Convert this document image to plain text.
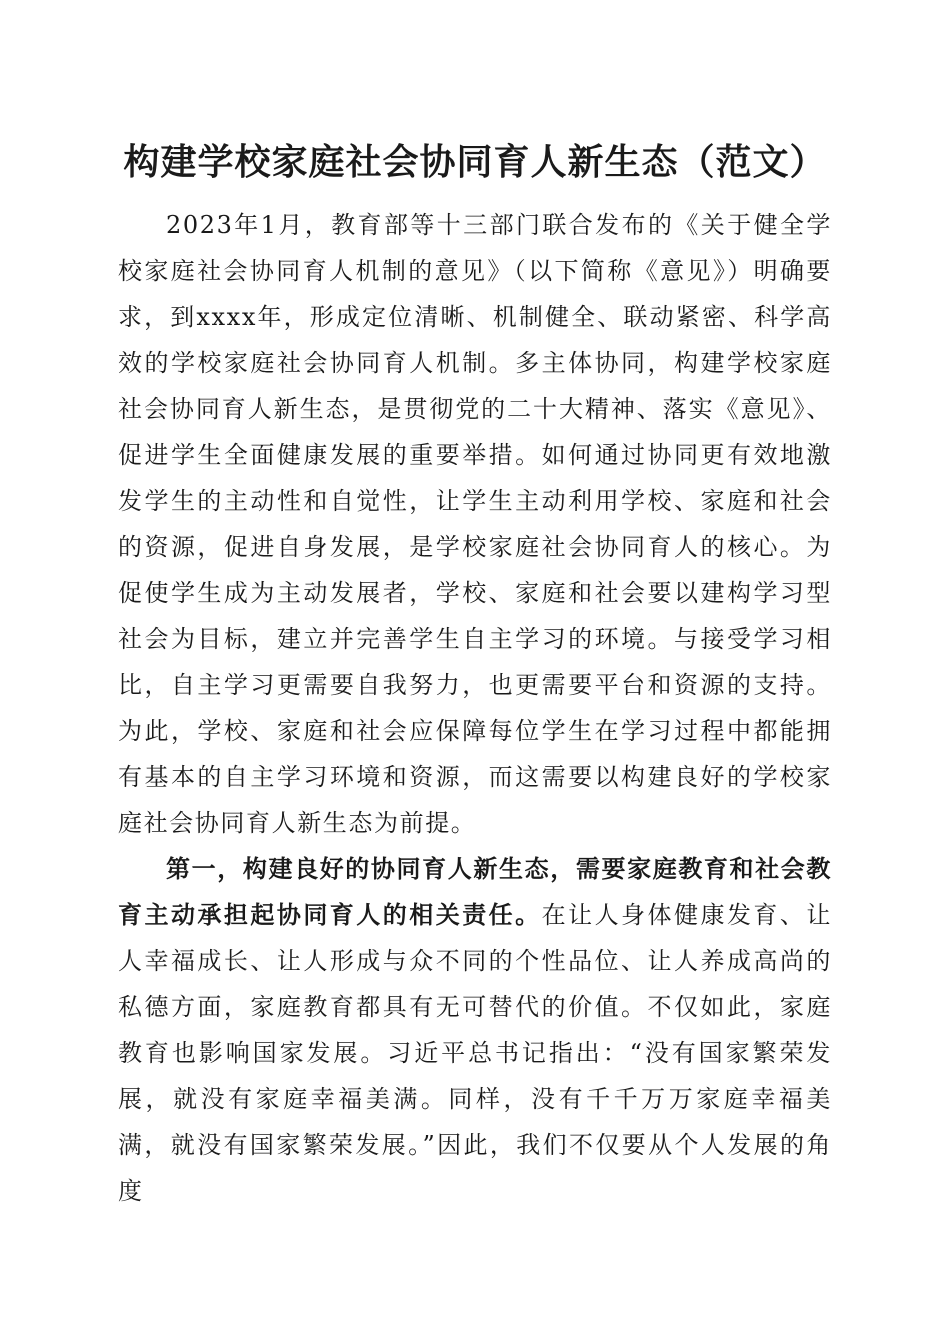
构建学校家庭社会协同育人新生态（范文）

2023年1月，教育部等十三部门联合发布的《关于健全学校家庭社会协同育人机制的意见》（以下简称《意见》）明确要求，到xxxx年，形成定位清晰、机制健全、联动紧密、科学高效的学校家庭社会协同育人机制。多主体协同，构建学校家庭社会协同育人新生态，是贯彻党的二十大精神、落实《意见》、促进学生全面健康发展的重要举措。如何通过协同更有效地激发学生的主动性和自觉性，让学生主动利用学校、家庭和社会的资源，促进自身发展，是学校家庭社会协同育人的核心。为促使学生成为主动发展者，学校、家庭和社会要以建构学习型社会为目标，建立并完善学生自主学习的环境。与接受学习相比，自主学习更需要自我努力，也更需要平台和资源的支持。为此，学校、家庭和社会应保障每位学生在学习过程中都能拥有基本的自主学习环境和资源，而这需要以构建良好的学校家庭社会协同育人新生态为前提。

第一，构建良好的协同育人新生态，需要家庭教育和社会教育主动承担起协同育人的相关责任。在让人身体健康发育、让人幸福成长、让人形成与众不同的个性品位、让人养成高尚的私德方面，家庭教育都具有无可替代的价值。不仅如此，家庭教育也影响国家发展。习近平总书记指出：“没有国家繁荣发展，就没有家庭幸福美满。同样，没有千千万万家庭幸福美满，就没有国家繁荣发展。”因此，我们不仅要从个人发展的角度
